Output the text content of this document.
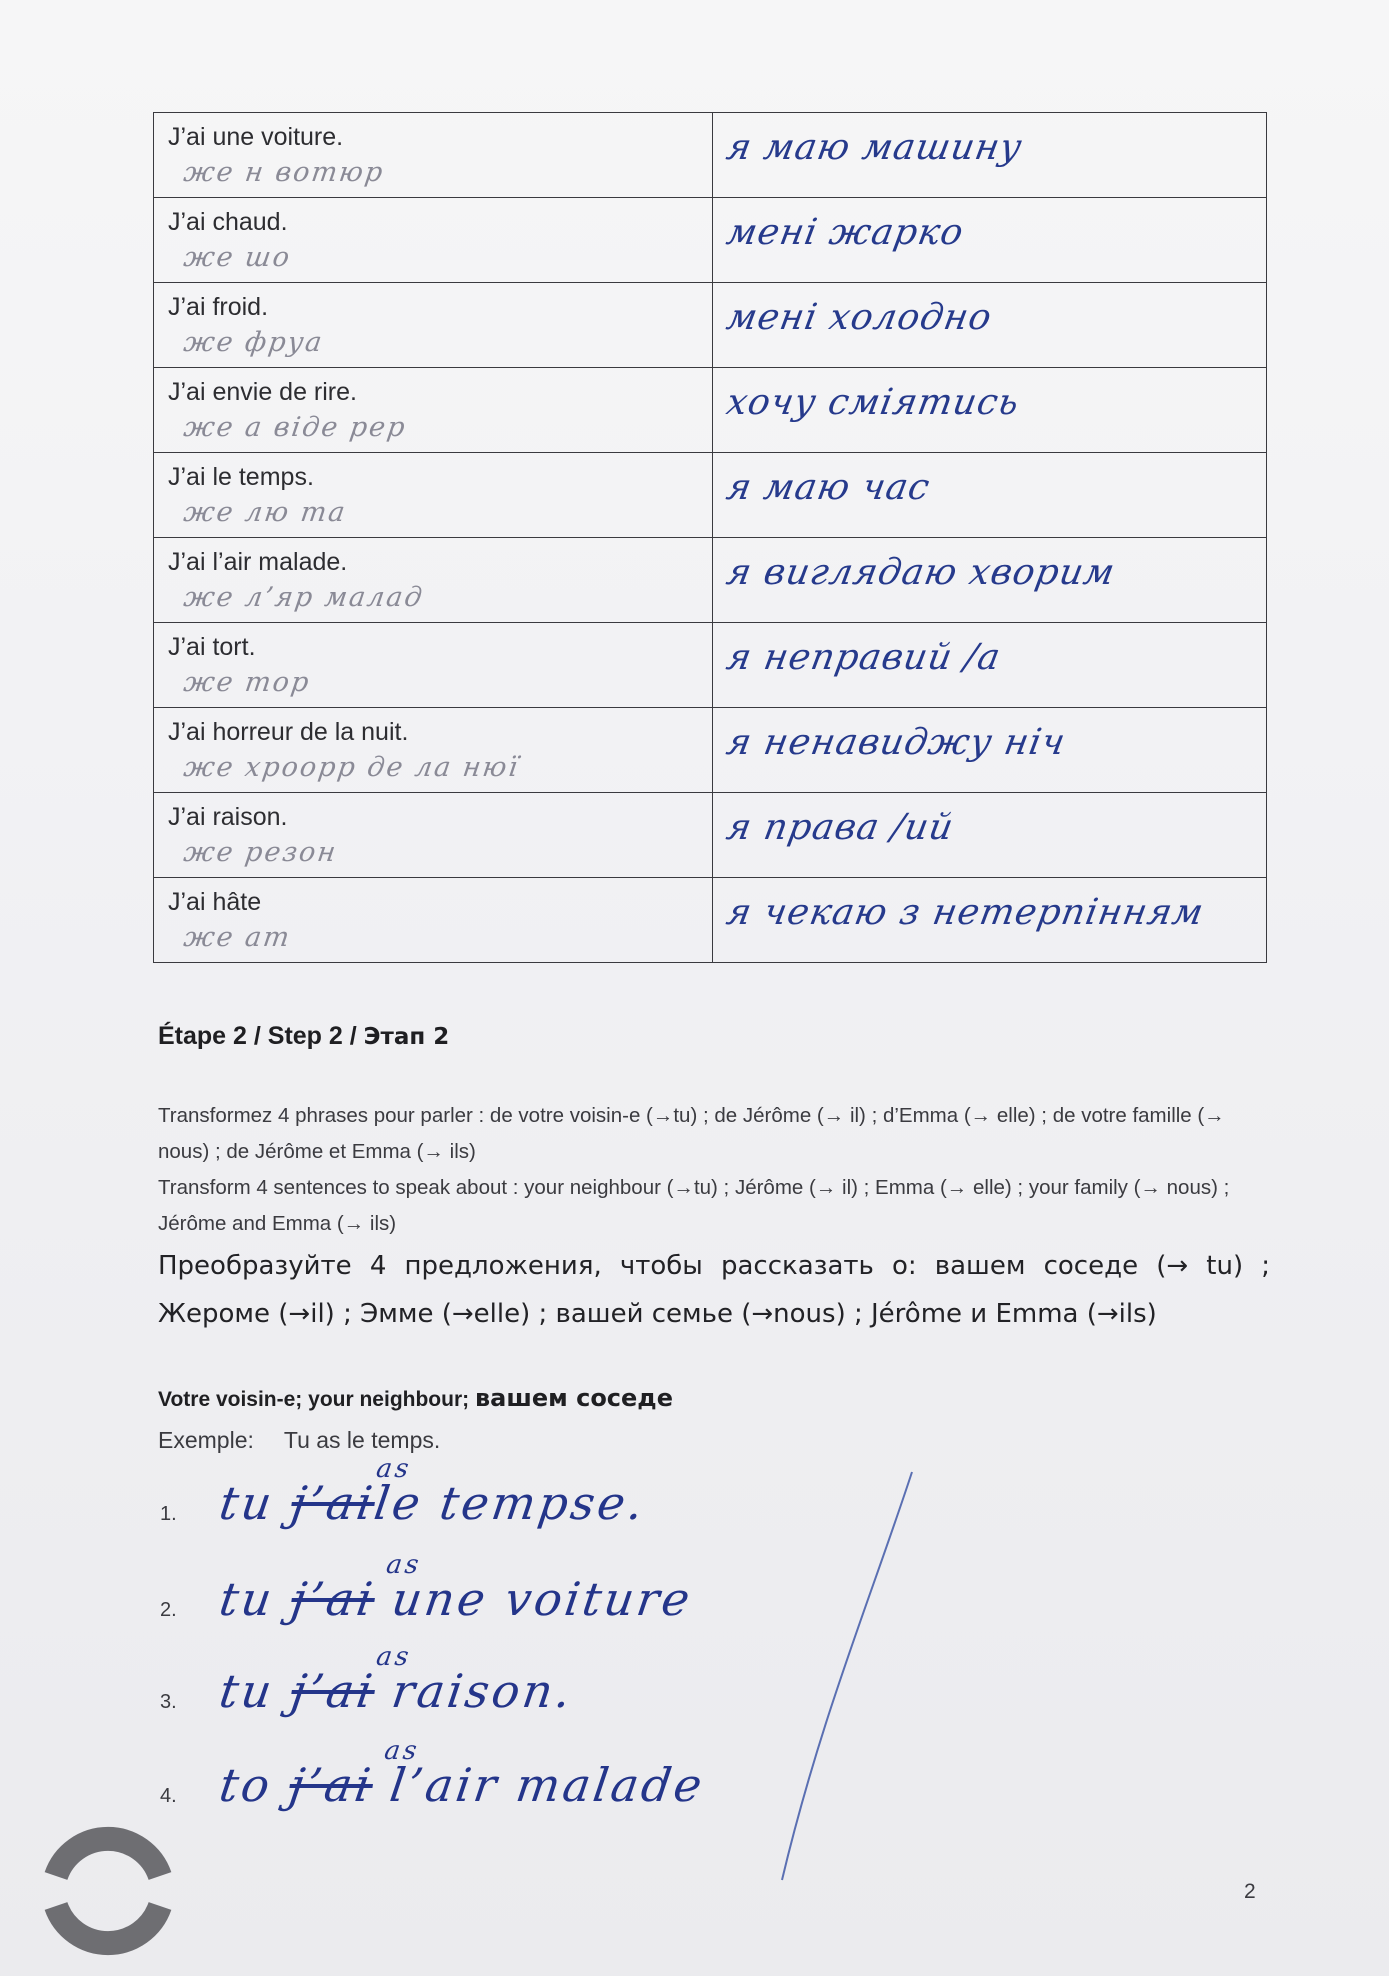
J’ai une voiture.
же н вотюр	я маю машину

J’ai chaud.
же шо	мені жарко

J’ai froid.
же фруа	мені холодно

J’ai envie de rire.
же а віде рер	хочу сміятись

J’ai le temps.
же лю та	я маю час

J’ai l’air malade.
же л’яр малад	я виглядаю хворим

J’ai tort.
же тор	я неправий /а

J’ai horreur de la nuit.
же хроорр де ла нюї	я ненавиджу ніч

J’ai raison.
же резон	я права /ий

J’ai hâte
же ат	я чекаю з нетерпінням
Étape 2 / Step 2 / Этап 2
Transformez 4 phrases pour parler : de votre voisin-e (→tu) ; de Jérôme (→ il) ; d’Emma (→ elle) ; de votre famille (→ nous) ; de Jérôme et Emma (→ ils)
Transform 4 sentences to speak about : your neighbour (→tu) ; Jérôme (→ il) ; Emma (→ elle) ; your family (→ nous) ; Jérôme and Emma (→ ils)
Преобразуйте 4 предложения, чтобы рассказать о: вашем соседе (→ tu) ; Жероме (→il) ; Эмме (→elle) ; вашей семье (→nous) ; Jérôme и Emma (→ils)
Votre voisin-e; your neighbour; вашем соседе
Exemple: Tu as le temps.
1. tu j’ai
as
le tempse.
2. tu j’ai
as
une voiture
3. tu j’ai
as
raison.
4. to j’ai
as
l’air malade
2
